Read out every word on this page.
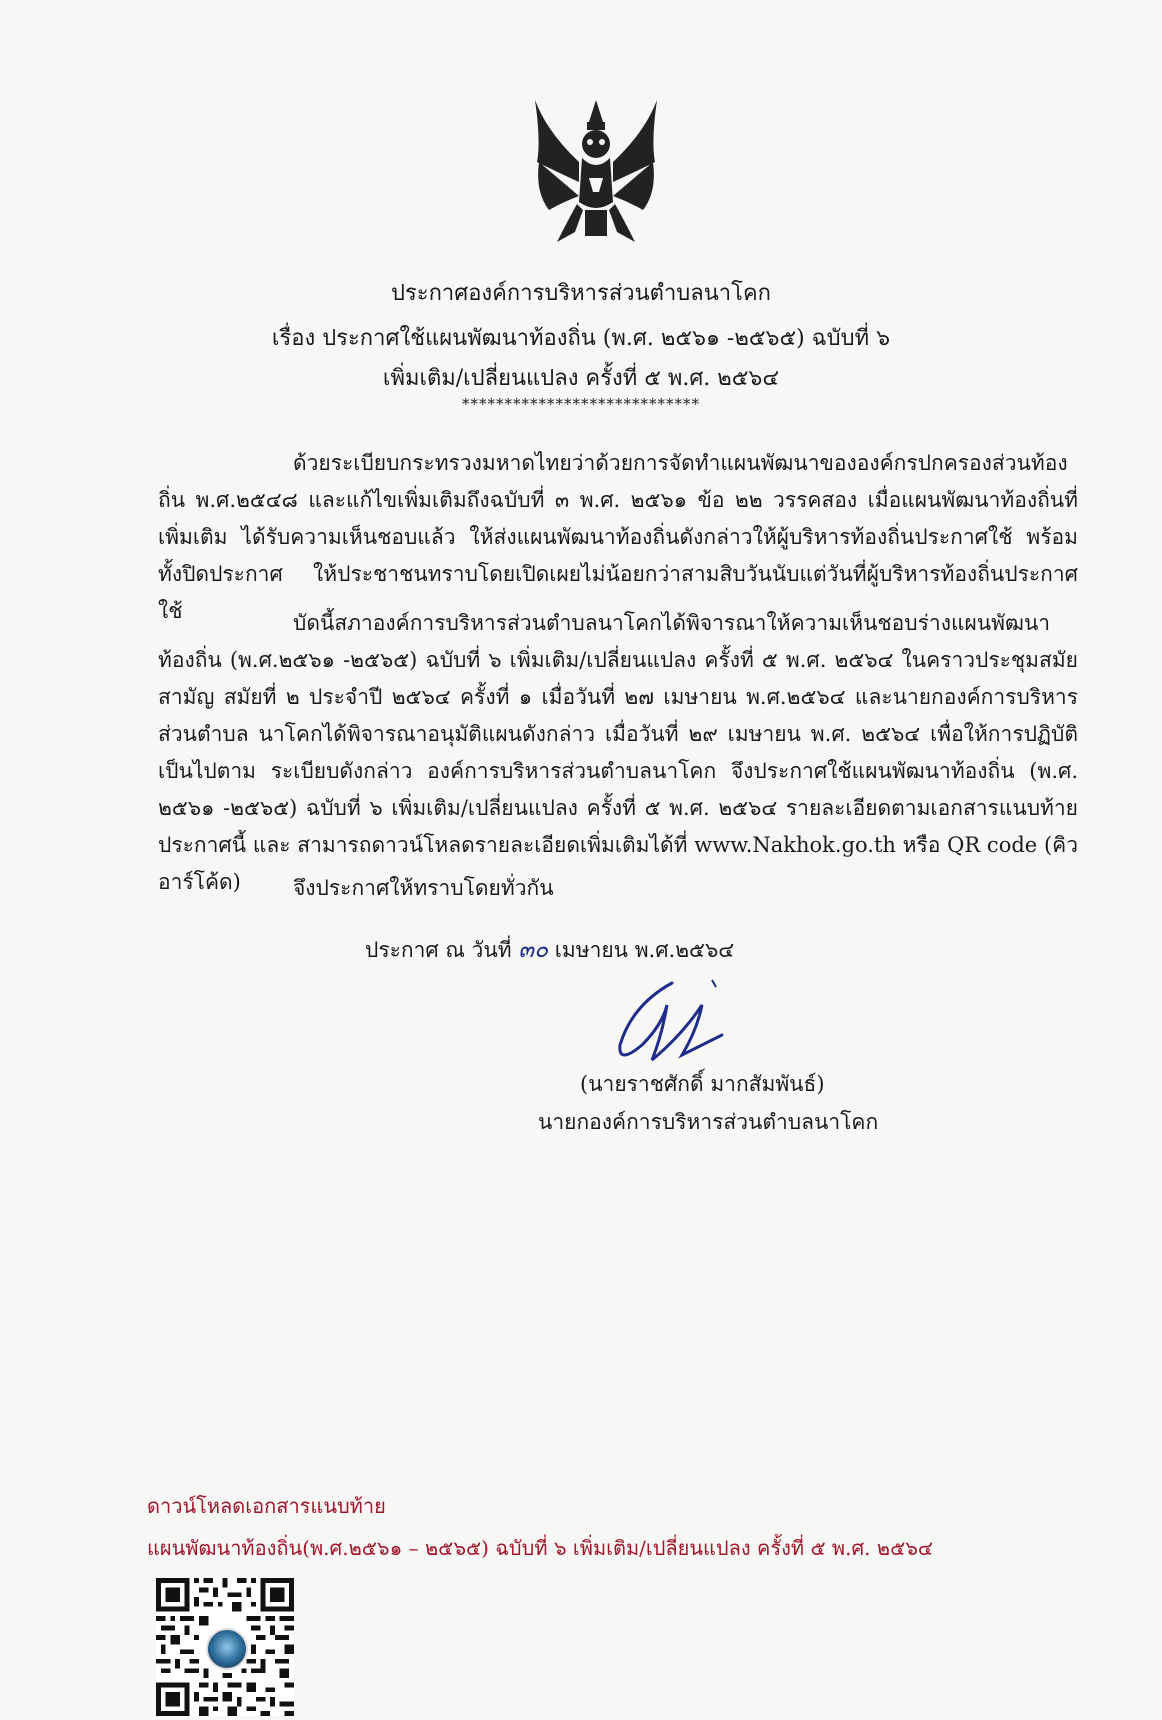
ประกาศองค์การบริหารส่วนตำบลนาโคก
เรื่อง ประกาศใช้แผนพัฒนาท้องถิ่น (พ.ศ. ๒๕๖๑ -๒๕๖๕) ฉบับที่ ๖
เพิ่มเติม/เปลี่ยนแปลง ครั้งที่ ๕ พ.ศ. ๒๕๖๔
****************************
ด้วยระเบียบกระทรวงมหาดไทยว่าด้วยการจัดทำแผนพัฒนาขององค์กรปกครองส่วนท้องถิ่น พ.ศ.๒๕๔๘ และแก้ไขเพิ่มเติมถึงฉบับที่ ๓ พ.ศ. ๒๕๖๑ ข้อ ๒๒ วรรคสอง เมื่อแผนพัฒนาท้องถิ่นที่เพิ่มเติม ได้รับความเห็นชอบแล้ว ให้ส่งแผนพัฒนาท้องถิ่นดังกล่าวให้ผู้บริหารท้องถิ่นประกาศใช้ พร้อมทั้งปิดประกาศ ให้ประชาชนทราบโดยเปิดเผยไม่น้อยกว่าสามสิบวันนับแต่วันที่ผู้บริหารท้องถิ่นประกาศใช้	บัดนี้สภาองค์การบริหารส่วนตำบลนาโคกได้พิจารณาให้ความเห็นชอบร่างแผนพัฒนาท้องถิ่น (พ.ศ.๒๕๖๑ -๒๕๖๕) ฉบับที่ ๖ เพิ่มเติม/เปลี่ยนแปลง ครั้งที่ ๕ พ.ศ. ๒๕๖๔ ในคราวประชุมสมัยสามัญ สมัยที่ ๒ ประจำปี ๒๕๖๔ ครั้งที่ ๑ เมื่อวันที่ ๒๗ เมษายน พ.ศ.๒๕๖๔ และนายกองค์การบริหารส่วนตำบล นาโคกได้พิจารณาอนุมัติแผนดังกล่าว เมื่อวันที่ ๒๙ เมษายน พ.ศ. ๒๕๖๔ เพื่อให้การปฏิบัติเป็นไปตาม ระเบียบดังกล่าว องค์การบริหารส่วนตำบลนาโคก จึงประกาศใช้แผนพัฒนาท้องถิ่น (พ.ศ. ๒๕๖๑ -๒๕๖๕) ฉบับที่ ๖ เพิ่มเติม/เปลี่ยนแปลง ครั้งที่ ๕ พ.ศ. ๒๕๖๔ รายละเอียดตามเอกสารแนบท้ายประกาศนี้ และ สามารถดาวน์โหลดรายละเอียดเพิ่มเติมได้ที่ www.Nakhok.go.th หรือ QR code (คิวอาร์โค้ด)	จึงประกาศให้ทราบโดยทั่วกัน
ประกาศ ณ วันที่ ๓๐ เมษายน พ.ศ.๒๕๖๔
(นายราชศักดิ์ มากสัมพันธ์)
นายกองค์การบริหารส่วนตำบลนาโคก
ดาวน์โหลดเอกสารแนบท้าย
แผนพัฒนาท้องถิ่น(พ.ศ.๒๕๖๑ – ๒๕๖๕) ฉบับที่ ๖ เพิ่มเติม/เปลี่ยนแปลง ครั้งที่ ๕ พ.ศ. ๒๕๖๔
